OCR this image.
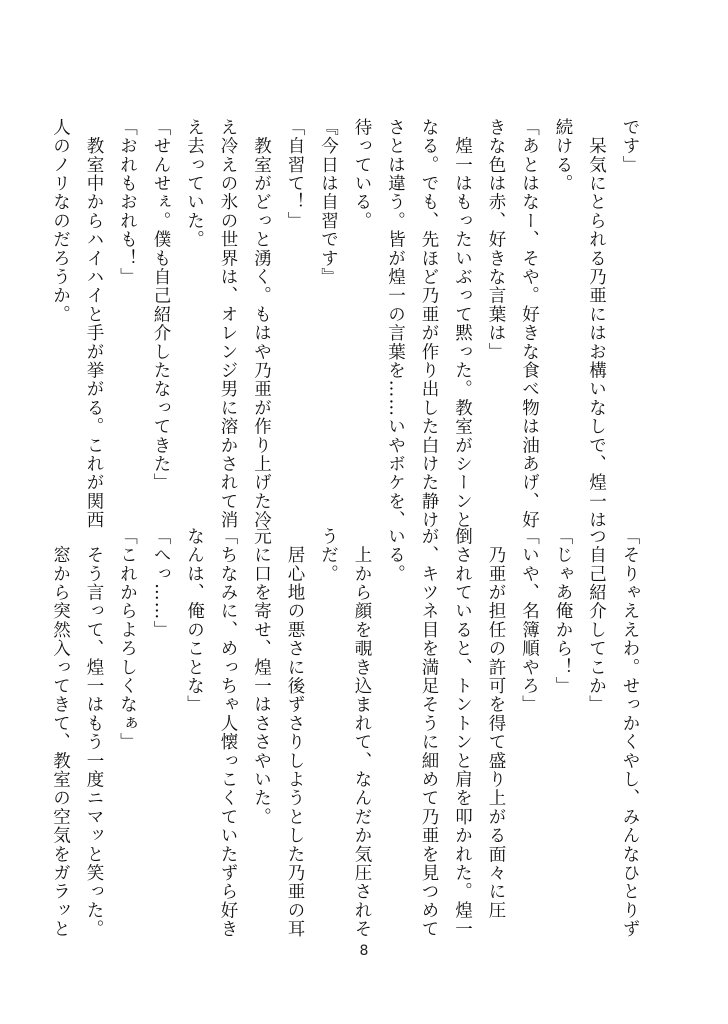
です」

　呆気にとられる乃亜にはお構いなしで、煌一は

続ける。

「あとはなー、そや。好きな食べ物は油あげ、好

きな色は赤、好きな言葉は」

　煌一はもったいぶって黙った。教室がシーンと

なる。でも、先ほど乃亜が作り出した白けた静け

さとは違う。皆が煌一の言葉を……いやボケを、

待っている。

『今日は自習です』

「自習て！」

　教室がどっと湧く。もはや乃亜が作り上げた冷

え冷えの氷の世界は、オレンジ男に溶かされて消

え去っていた。

「せんせぇ。僕も自己紹介したなってきた」

「おれもおれも！」

　教室中からハイハイと手が挙がる。これが関西

人のノリなのだろうか。

「そりゃええわ。せっかくやし、みんなひとりず

つ自己紹介してこか」

「じゃあ俺から！」

「いや、名簿順やろ」

　乃亜が担任の許可を得て盛り上がる面々に圧

倒されていると、トントンと肩を叩かれた。煌一

が、キツネ目を満足そうに細めて乃亜を見つめて

いる。

　上から顔を覗き込まれて、なんだか気圧されそ

うだ。

　居心地の悪さに後ずさりしようとした乃亜の耳

元に口を寄せ、煌一はささやいた。

「ちなみに、めっちゃ人懐っこくていたずら好き

なんは、俺のことな」

「へっ……」

「これからよろしくなぁ」

　そう言って、煌一はもう一度ニマッと笑った。

　窓から突然入ってきて、教室の空気をガラッと

8
